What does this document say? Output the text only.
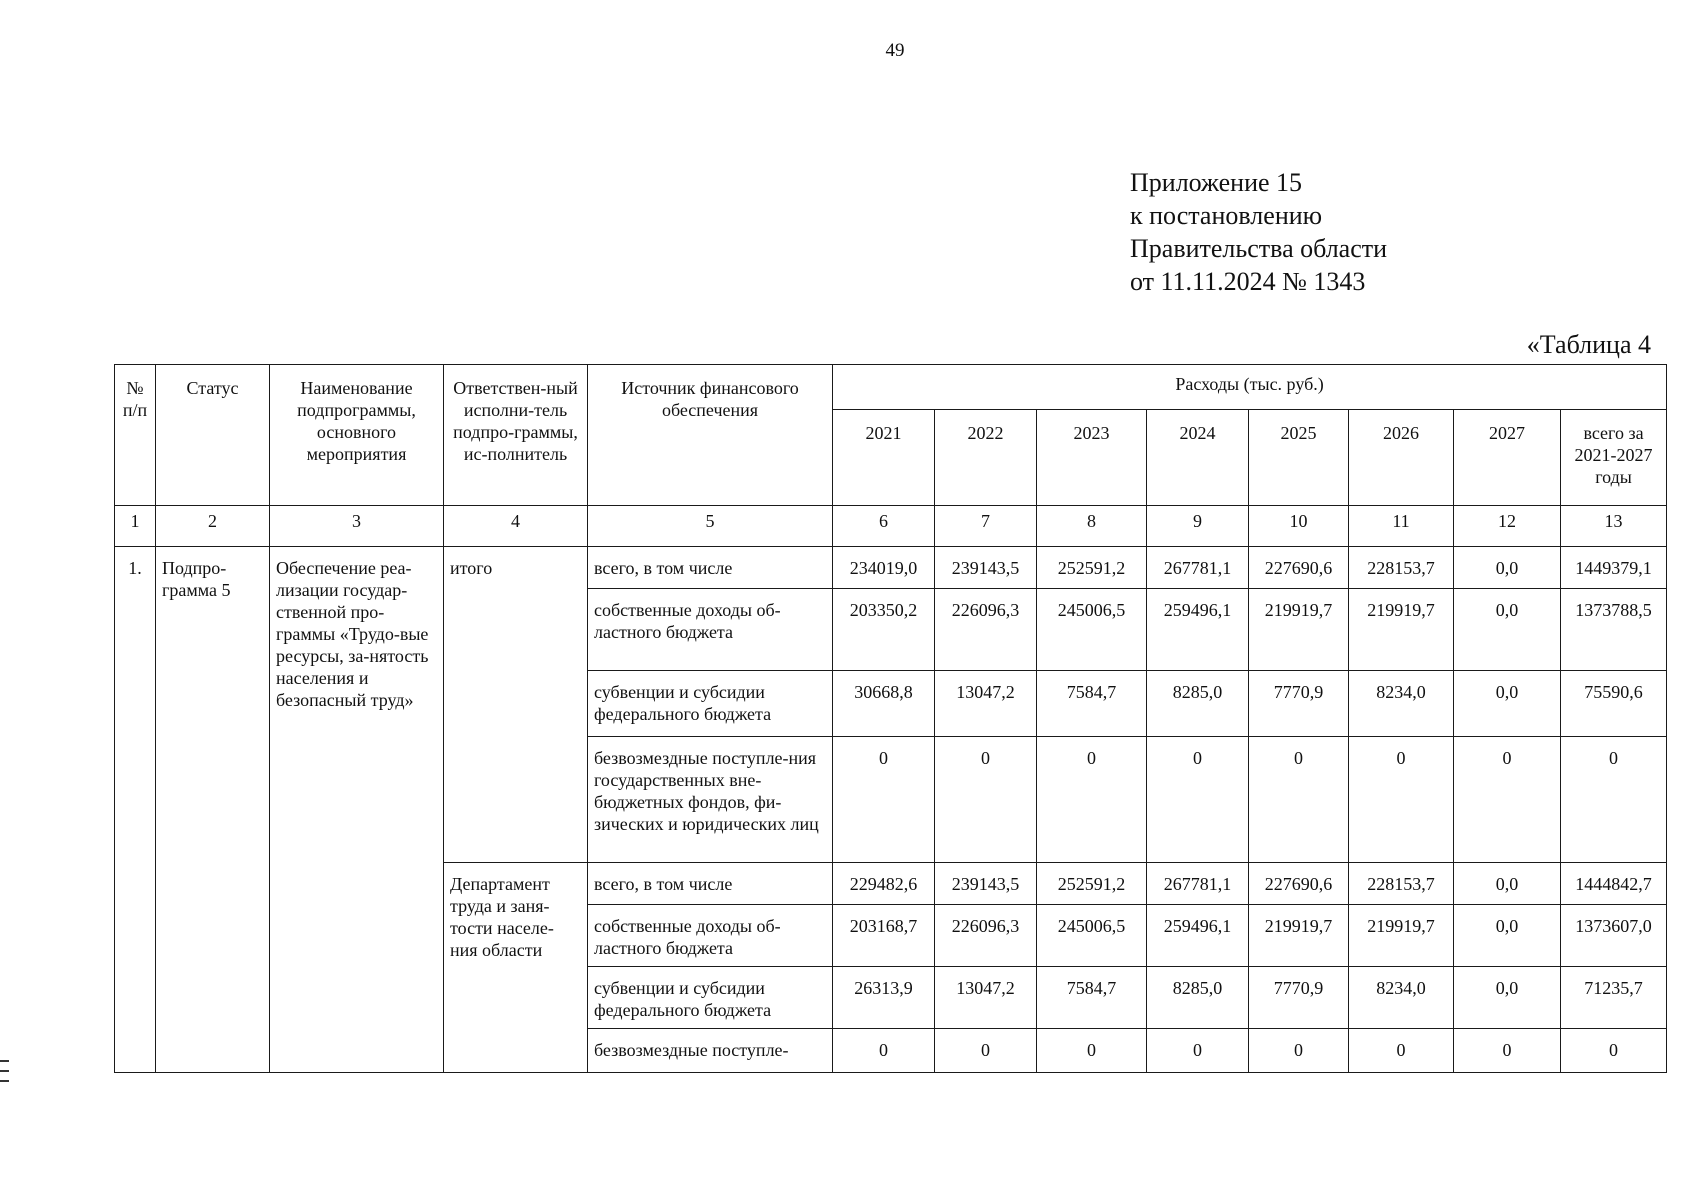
49
Приложение 15
к постановлению
Правительства области
от 11.11.2024 № 1343
«Таблица 4
№ п/п	Статус	Наименование подпрограммы, основного мероприятия	Ответствен-ный исполни-тель подпро-граммы, ис-полнитель	Источник финансового обеспечения	Расходы (тыс. руб.)							
					2021	2022	2023	2024	2025	2026	2027	всего за 2021-2027 годы
1	2	3	4	5	6	7	8	9	10	11	12	13
1.	Подпро-грамма 5	Обеспечение реа-лизации государ-ственной про-граммы «Трудо-вые ресурсы, за-нятость населения и безопасный труд»	итого	всего, в том числе	234019,0	239143,5	252591,2	267781,1	227690,6	228153,7	0,0	1449379,1
				собственные доходы об-ластного бюджета	203350,2	226096,3	245006,5	259496,1	219919,7	219919,7	0,0	1373788,5
				субвенции и субсидии федерального бюджета	30668,8	13047,2	7584,7	8285,0	7770,9	8234,0	0,0	75590,6
				безвозмездные поступле-ния государственных вне-бюджетных фондов, фи-зических и юридических лиц	0	0	0	0	0	0	0	0
			Департамент труда и заня-тости населе-ния области	всего, в том числе	229482,6	239143,5	252591,2	267781,1	227690,6	228153,7	0,0	1444842,7
				собственные доходы об-ластного бюджета	203168,7	226096,3	245006,5	259496,1	219919,7	219919,7	0,0	1373607,0
				субвенции и субсидии федерального бюджета	26313,9	13047,2	7584,7	8285,0	7770,9	8234,0	0,0	71235,7
				безвозмездные поступле-	0	0	0	0	0	0	0	0
